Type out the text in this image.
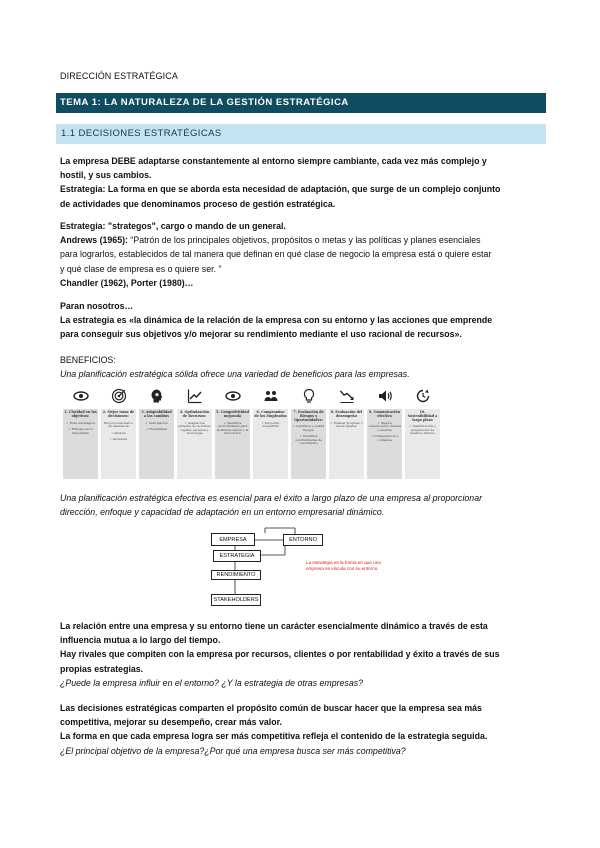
DIRECCIÓN ESTRATÉGICA
TEMA 1: LA NATURALEZA DE LA GESTIÓN ESTRATÉGICA
1.1 DECISIONES ESTRATÉGICAS
La empresa DEBE adaptarse constantemente al entorno siempre cambiante, cada vez más complejo y
hostil, y sus cambios.
Estrategia: La forma en que se aborda esta necesidad de adaptación, que surge de un complejo conjunto
de actividades que denominamos proceso de gestión estratégica.
Estrategia: "strategos", cargo o mando de un general.
Andrews (1965): “Patrón de los principales objetivos, propósitos o metas y las políticas y planes esenciales
para lograrlos, establecidos de tal manera que definan en qué clase de negocio la empresa está o quiere estar
y qué clase de empresa es o quiere ser. ”
Chandler (1962), Porter (1980)…
Paran nosotros…
La estrategia es «la dinámica de la relación de la empresa con su entorno y las acciones que emprende
para conseguir sus objetivos y/o mejorar su rendimiento mediante el uso racional de recursos».
BENEFICIOS:
Una planificación estratégica sólida ofrece una variedad de beneficios para las empresas.
1. Claridad en los objetivos:
✓ Ruta estratégica
✓ Enfoque en lo importante
2. Mejor toma de decisiones:
Proporciona marco de referencia
• eficacia
• eficiencia
3. Adaptabilidad a los cambios
✓ Anticipación
✓ Flexibilidad
4. Optimización de Recursos:
✓ Asignación eficiente de recursos: capital, personal y tecnología
5. Competitividad mejorada
✓ Identifica oportunidades para la diferenciación y la innovación
6. Compromiso de los Empleados
✓ Propósito compartido
7. Evaluación de Riesgos y Oportunidades:
✓ Identifica y evalúa riesgos
✓ Identifica oportunidades de crecimiento
8. Evaluación del desempeño
✓ Evaluar progreso y hacer ajustes
9. Comunicación efectiva
✓ Mejora comunicación interna y externa
✓ transparencia y confianza
10. Sostenibilidad a largo plazo
✓ Identificación y preparación de desafíos futuros
Una planificación estratégica efectiva es esencial para el éxito a largo plazo de una empresa al proporcionar
dirección, enfoque y capacidad de adaptación en un entorno empresarial dinámico.
EMPRESA	ENTORNO
ESTRATEGIA
RENDIMIENTO
STAKEHOLDERS
La estrategia es la forma en que una empresa se vincula con su entorno.
La relación entre una empresa y su entorno tiene un carácter esencialmente dinámico a través de esta
influencia mutua a lo largo del tiempo.
Hay rivales que compiten con la empresa por recursos, clientes o por rentabilidad y éxito a través de sus
propias estrategias.
¿Puede la empresa influir en el entorno? ¿Y la estrategia de otras empresas?
Las decisiones estratégicas comparten el propósito común de buscar hacer que la empresa sea más
competitiva, mejorar su desempeño, crear más valor.
La forma en que cada empresa logra ser más competitiva refleja el contenido de la estrategia seguida.
¿El principal objetivo de la empresa?¿Por qué una empresa busca ser más competitiva?
